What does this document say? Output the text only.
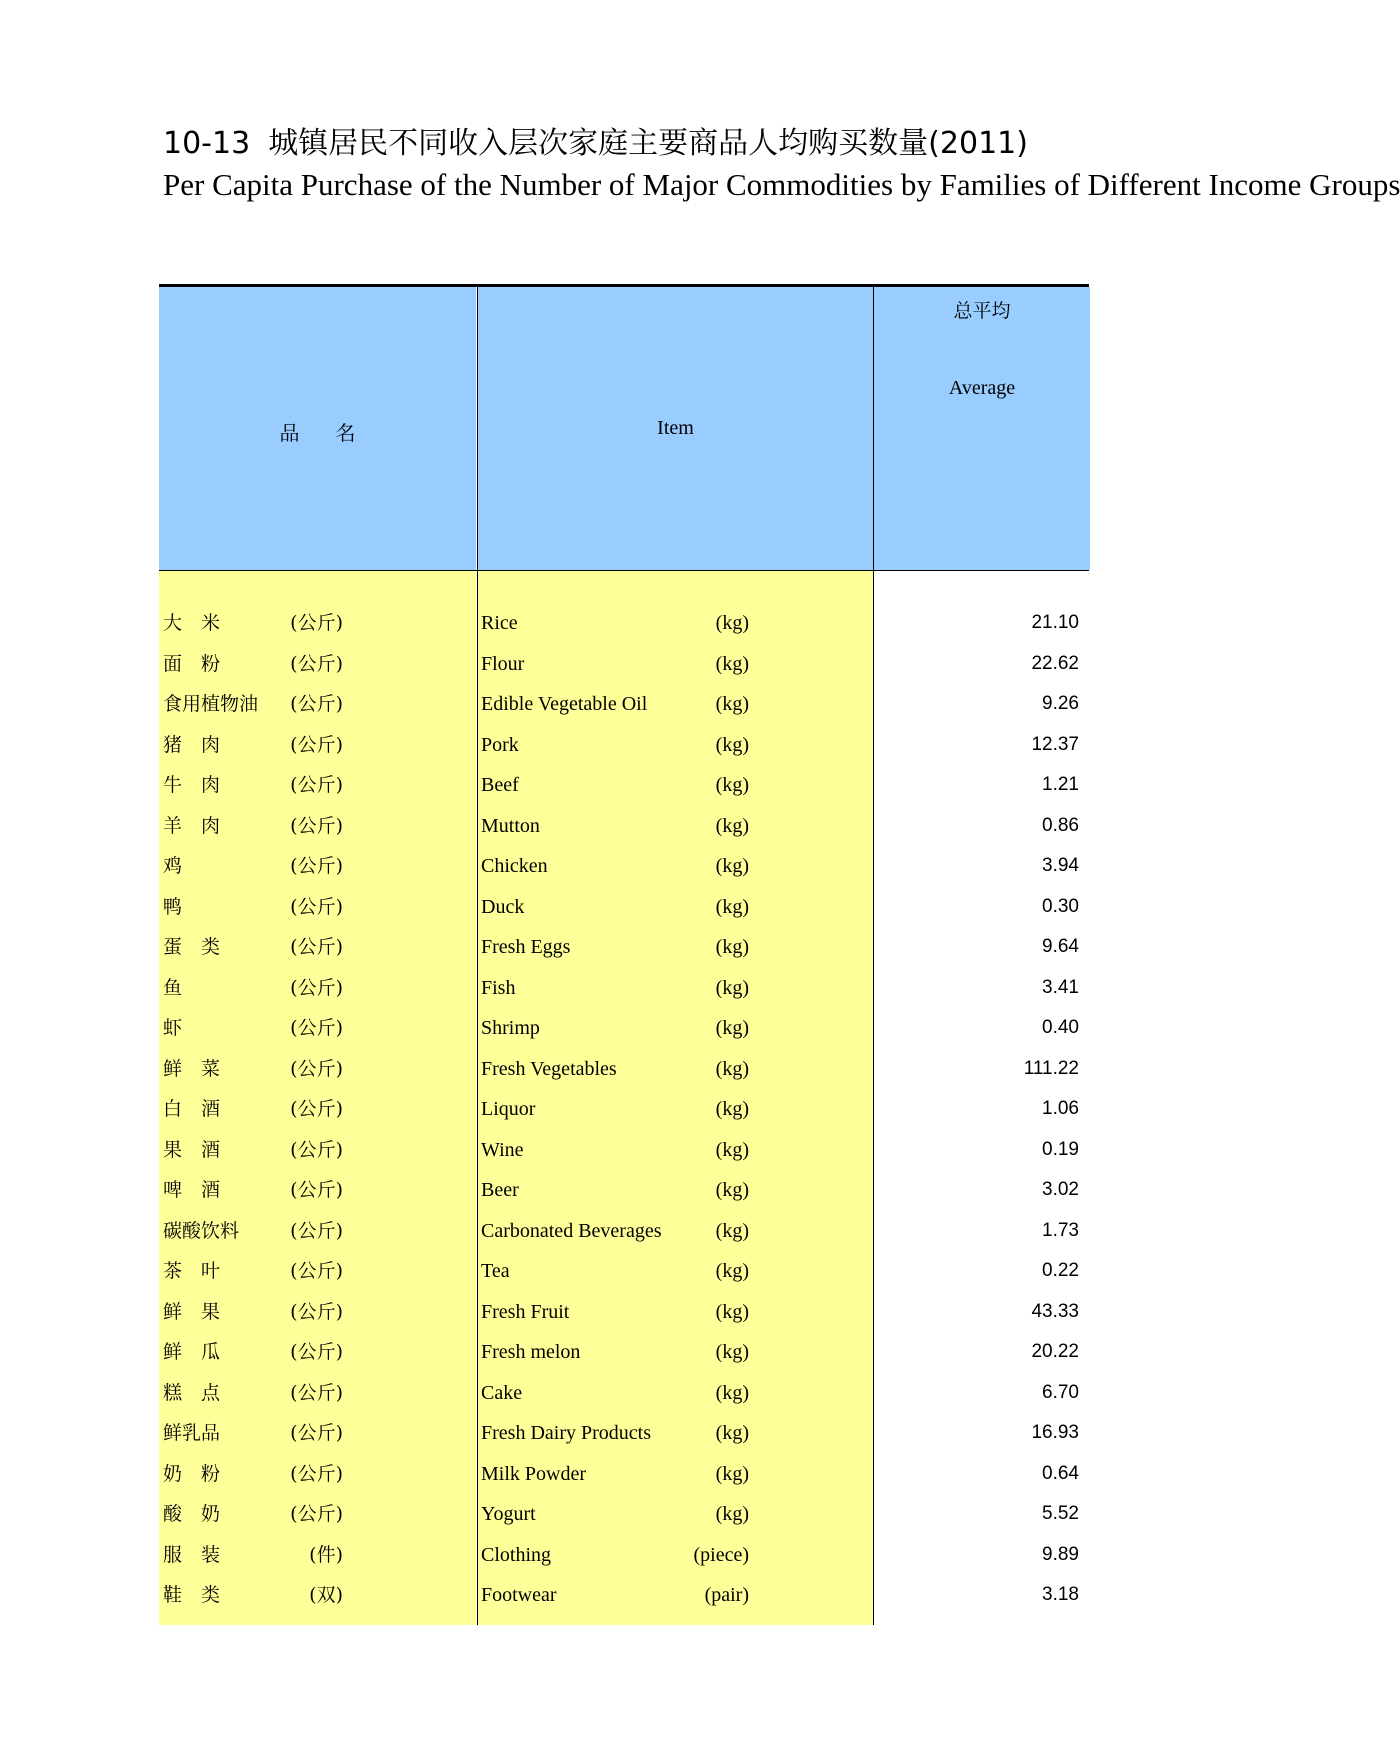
10-13 城镇居民不同收入层次家庭主要商品人均购买数量(2011)
Per Capita Purchase of the Number of Major Commodities by Families of Different Income Groups
品名	Item
总平均
Average
大　米	(公斤)	Rice	(kg)	21.10
面　粉	(公斤)	Flour	(kg)	22.62
食用植物油	(公斤)	Edible Vegetable Oil	(kg)	9.26
猪　肉	(公斤)	Pork	(kg)	12.37
牛　肉	(公斤)	Beef	(kg)	1.21
羊　肉	(公斤)	Mutton	(kg)	0.86
鸡	(公斤)	Chicken	(kg)	3.94
鸭	(公斤)	Duck	(kg)	0.30
蛋　类	(公斤)	Fresh Eggs	(kg)	9.64
鱼	(公斤)	Fish	(kg)	3.41
虾	(公斤)	Shrimp	(kg)	0.40
鲜　菜	(公斤)	Fresh Vegetables	(kg)	111.22
白　酒	(公斤)	Liquor	(kg)	1.06
果　酒	(公斤)	Wine	(kg)	0.19
啤　酒	(公斤)	Beer	(kg)	3.02
碳酸饮料	(公斤)	Carbonated Beverages	(kg)	1.73
茶　叶	(公斤)	Tea	(kg)	0.22
鲜　果	(公斤)	Fresh Fruit	(kg)	43.33
鲜　瓜	(公斤)	Fresh melon	(kg)	20.22
糕　点	(公斤)	Cake	(kg)	6.70
鲜乳品	(公斤)	Fresh Dairy Products	(kg)	16.93
奶　粉	(公斤)	Milk Powder	(kg)	0.64
酸　奶	(公斤)	Yogurt	(kg)	5.52
服　装	(件)	Clothing	(piece)	9.89
鞋　类	(双)	Footwear	(pair)	3.18
